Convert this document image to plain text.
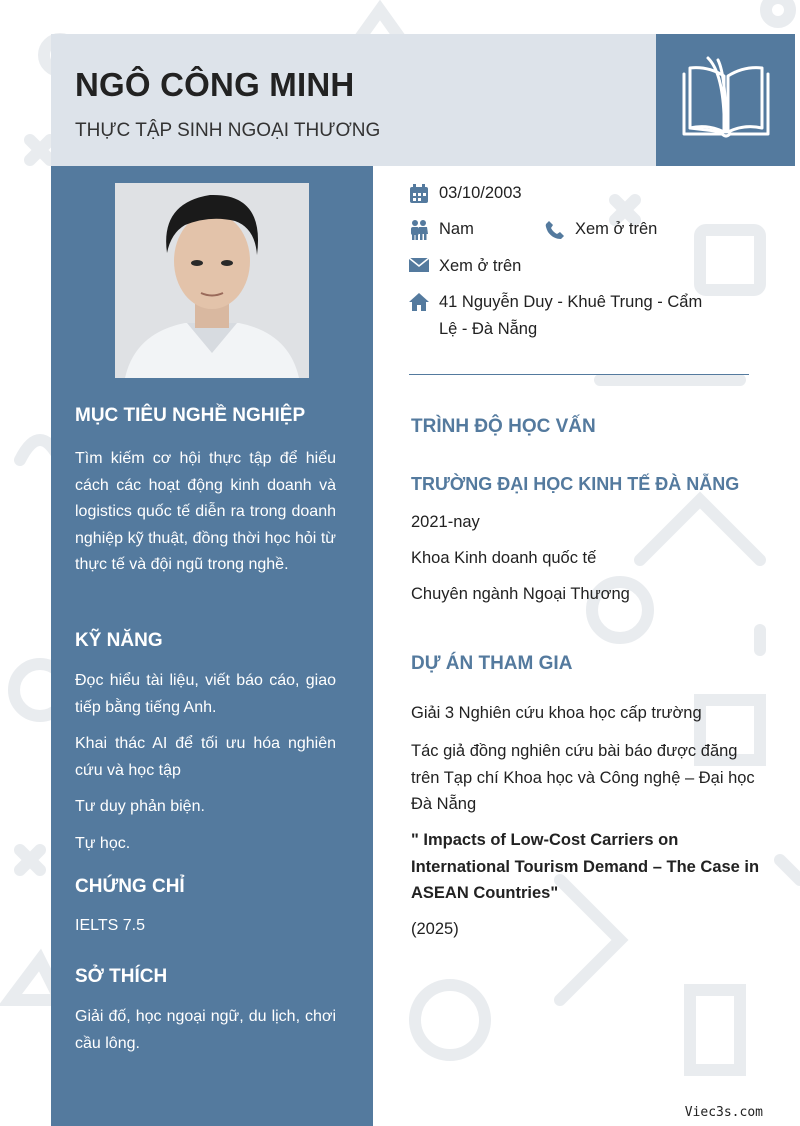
NGÔ CÔNG MINH

THỰC TẬP SINH NGOẠI THƯƠNG

MỤC TIÊU NGHỀ NGHIỆP

Tìm kiếm cơ hội thực tập để hiểu cách các hoạt động kinh doanh và logistics quốc tế diễn ra trong doanh nghiệp kỹ thuật, đồng thời học hỏi từ thực tế và đội ngũ trong nghề.

KỸ NĂNG

Đọc hiểu tài liệu, viết báo cáo, giao tiếp bằng tiếng Anh.

Khai thác AI để tối ưu hóa nghiên cứu và học tập

Tư duy phản biện.

Tự học.

CHỨNG CHỈ

IELTS 7.5

SỞ THÍCH

Giải đố, học ngoại ngữ, du lịch, chơi cầu lông.

03/10/2003
Nam	Xem ở trên
Xem ở trên
41 Nguyễn Duy - Khuê Trung - Cẩm
Lệ - Đà Nẵng
TRÌNH ĐỘ HỌC VẤN
TRƯỜNG ĐẠI HỌC KINH TẾ ĐÀ NẴNG

2021-nay

Khoa Kinh doanh quốc tế

Chuyên ngành Ngoại Thương

DỰ ÁN THAM GIA

Giải 3 Nghiên cứu khoa học cấp trường

Tác giả đồng nghiên cứu bài báo được đăng trên Tạp chí Khoa học và Công nghệ – Đại học Đà Nẵng

" Impacts of Low-Cost Carriers on International Tourism Demand – The Case in ASEAN Countries"

(2025)

Viec3s.com
